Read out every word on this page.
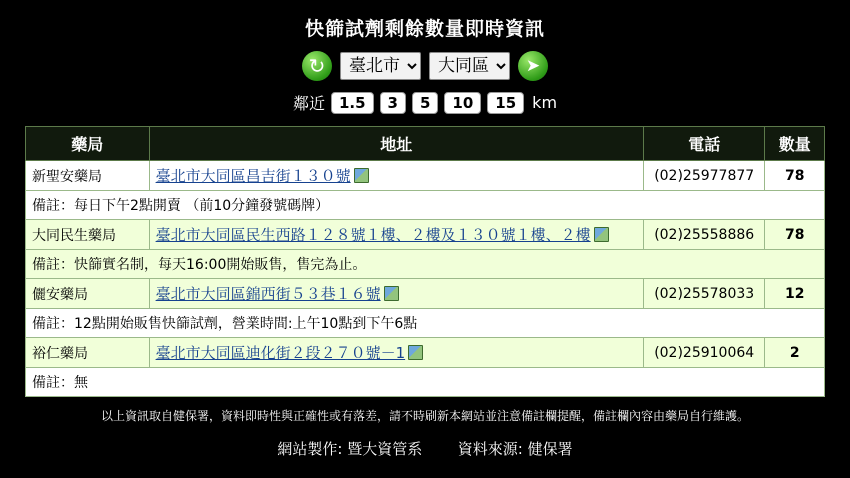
快篩試劑剩餘數量即時資訊
↻
臺北市
大同區	➤
鄰近 1.5	3	5	10	15	km
藥局	地址	電話	數量
新聖安藥局	臺北市大同區昌吉街１３０號	(02)25977877	78
備註：每日下午2點開賣 （前10分鐘發號碼牌）			
大同民生藥局	臺北市大同區民生西路１２８號１樓、２樓及１３０號１樓、２樓	(02)25558886	78
備註：快篩實名制，每天16:00開始販售，售完為止。			
儷安藥局	臺北市大同區錦西街５３巷１６號	(02)25578033	12
備註：12點開始販售快篩試劑，營業時間:上午10點到下午6點			
裕仁藥局	臺北市大同區迪化街２段２７０號－1	(02)25910064	2
備註：無			
以上資訊取自健保署，資料即時性與正確性或有落差，請不時刷新本網站並注意備註欄提醒，備註欄內容由藥局自行維護。
網站製作: 暨大資管系 資料來源: 健保署
